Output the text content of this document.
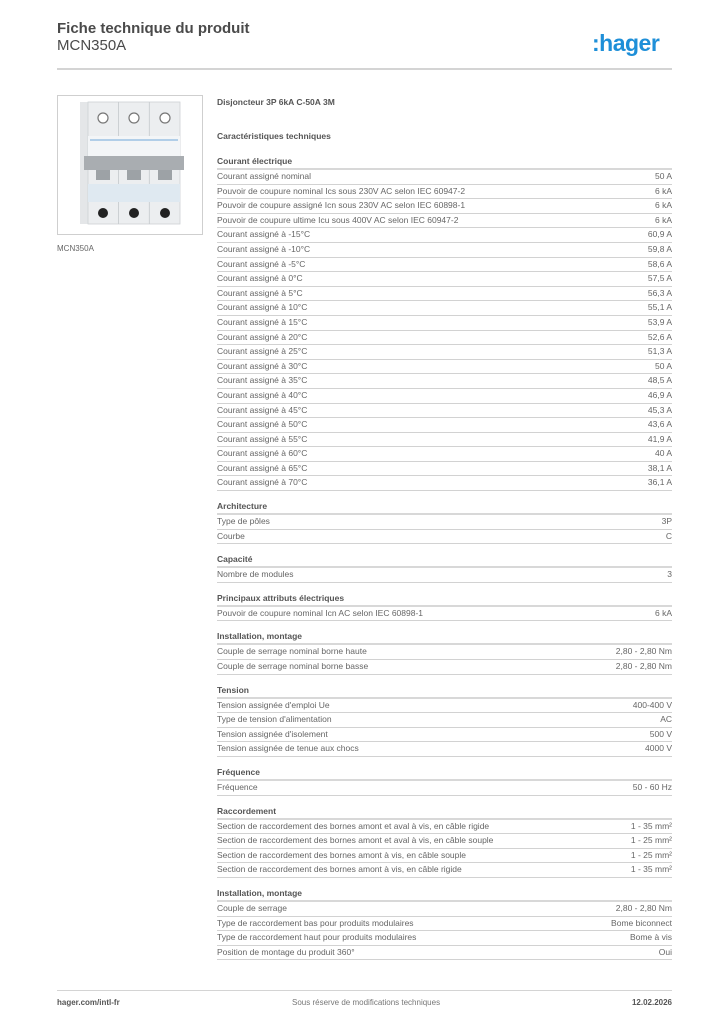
Fiche technique du produit
MCN350A	:hager
MCN350A
Disjoncteur 3P 6kA C-50A 3M
Caractéristiques techniques
Courant électrique
Courant assigné nominal	50 A
Pouvoir de coupure nominal Ics sous 230V AC selon IEC 60947-2	6 kA
Pouvoir de coupure assigné Icn sous 230V AC selon IEC 60898-1	6 kA
Pouvoir de coupure ultime Icu sous 400V AC selon IEC 60947-2	6 kA
Courant assigné à -15°C	60,9 A
Courant assigné à -10°C	59,8 A
Courant assigné à -5°C	58,6 A
Courant assigné à 0°C	57,5 A
Courant assigné à 5°C	56,3 A
Courant assigné à 10°C	55,1 A
Courant assigné à 15°C	53,9 A
Courant assigné à 20°C	52,6 A
Courant assigné à 25°C	51,3 A
Courant assigné à 30°C	50 A
Courant assigné à 35°C	48,5 A
Courant assigné à 40°C	46,9 A
Courant assigné à 45°C	45,3 A
Courant assigné à 50°C	43,6 A
Courant assigné à 55°C	41,9 A
Courant assigné à 60°C	40 A
Courant assigné à 65°C	38,1 A
Courant assigné à 70°C	36,1 A
Architecture
Type de pôles	3P
Courbe	C
Capacité
Nombre de modules	3
Principaux attributs électriques
Pouvoir de coupure nominal Icn AC selon IEC 60898-1	6 kA
Installation, montage
Couple de serrage nominal borne haute	2,80 - 2,80 Nm
Couple de serrage nominal borne basse	2,80 - 2,80 Nm
Tension
Tension assignée d'emploi Ue	400-400 V
Type de tension d'alimentation	AC
Tension assignée d'isolement	500 V
Tension assignée de tenue aux chocs	4000 V
Fréquence
Fréquence	50 - 60 Hz
Raccordement
Section de raccordement des bornes amont et aval à vis, en câble rigide	1 - 35 mm²
Section de raccordement des bornes amont et aval à vis, en câble souple	1 - 25 mm²
Section de raccordement des bornes amont à vis, en câble souple	1 - 25 mm²
Section de raccordement des bornes amont à vis, en câble rigide	1 - 35 mm²
Installation, montage
Couple de serrage	2,80 - 2,80 Nm
Type de raccordement bas pour produits modulaires	Bome biconnect
Type de raccordement haut pour produits modulaires	Bome à vis
Position de montage du produit 360°	Oui
hager.com/intl-fr	Sous réserve de modifications techniques	12.02.2026
